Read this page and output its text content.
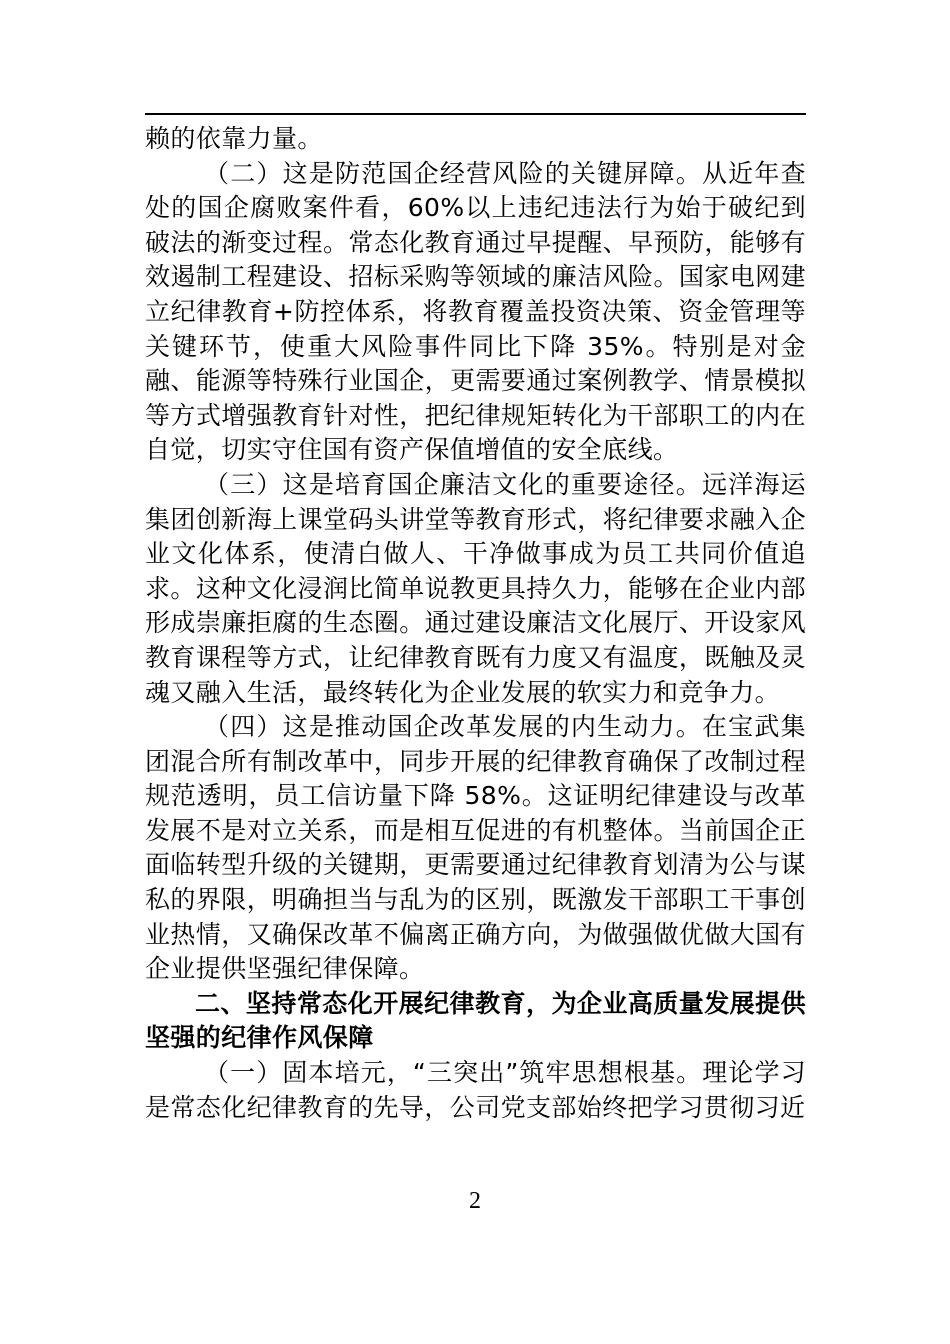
赖的依靠力量。

（二）这是防范国企经营风险的关键屏障。从近年查处的国企腐败案件看，60%以上违纪违法行为始于破纪到破法的渐变过程。常态化教育通过早提醒、早预防，能够有效遏制工程建设、招标采购等领域的廉洁风险。国家电网建立纪律教育+防控体系，将教育覆盖投资决策、资金管理等关键环节，使重大风险事件同比下降 35%。特别是对金融、能源等特殊行业国企，更需要通过案例教学、情景模拟等方式增强教育针对性，把纪律规矩转化为干部职工的内在自觉，切实守住国有资产保值增值的安全底线。

（三）这是培育国企廉洁文化的重要途径。远洋海运集团创新海上课堂码头讲堂等教育形式，将纪律要求融入企业文化体系，使清白做人、干净做事成为员工共同价值追求。这种文化浸润比简单说教更具持久力，能够在企业内部形成崇廉拒腐的生态圈。通过建设廉洁文化展厅、开设家风教育课程等方式，让纪律教育既有力度又有温度，既触及灵魂又融入生活，最终转化为企业发展的软实力和竞争力。

（四）这是推动国企改革发展的内生动力。在宝武集团混合所有制改革中，同步开展的纪律教育确保了改制过程规范透明，员工信访量下降 58%。这证明纪律建设与改革发展不是对立关系，而是相互促进的有机整体。当前国企正面临转型升级的关键期，更需要通过纪律教育划清为公与谋私的界限，明确担当与乱为的区别，既激发干部职工干事创业热情，又确保改革不偏离正确方向，为做强做优做大国有企业提供坚强纪律保障。

二、坚持常态化开展纪律教育，为企业高质量发展提供坚强的纪律作风保障

（一）固本培元，“三突出”筑牢思想根基。理论学习是常态化纪律教育的先导，公司党支部始终把学习贯彻习近

2
